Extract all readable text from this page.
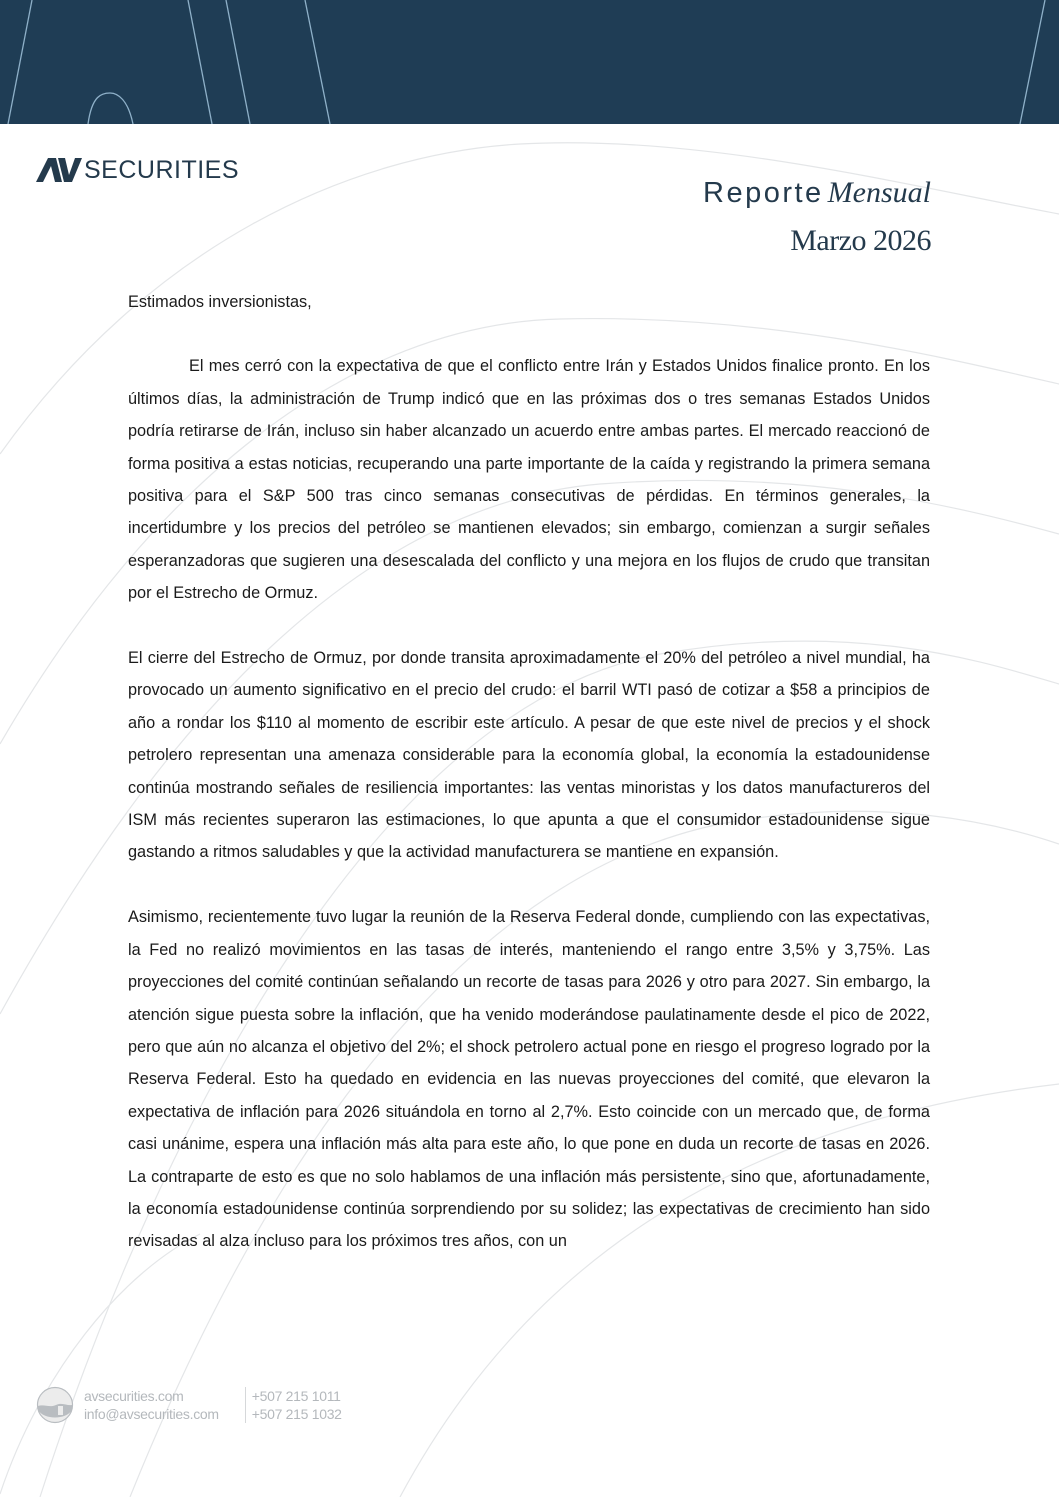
SECURITIES
Reporte Mensual
Marzo 2026

Estimados inversionistas,

El mes cerró con la expectativa de que el conflicto entre Irán y Estados Unidos finalice pronto. En los últimos días, la administración de Trump indicó que en las próximas dos o tres semanas Estados Unidos podría retirarse de Irán, incluso sin haber alcanzado un acuerdo entre ambas partes. El mercado reaccionó de forma positiva a estas noticias, recuperando una parte importante de la caída y registrando la primera semana positiva para el S&P 500 tras cinco semanas consecutivas de pérdidas. En términos generales, la incertidumbre y los precios del petróleo se mantienen elevados; sin embargo, comienzan a surgir señales esperanzadoras que sugieren una desescalada del conflicto y una mejora en los flujos de crudo que transitan por el Estrecho de Ormuz.

El cierre del Estrecho de Ormuz, por donde transita aproximadamente el 20% del petróleo a nivel mundial, ha provocado un aumento significativo en el precio del crudo: el barril WTI pasó de cotizar a $58 a principios de año a rondar los $110 al momento de escribir este artículo. A pesar de que este nivel de precios y el shock petrolero representan una amenaza considerable para la economía global, la economía la estadounidense continúa mostrando señales de resiliencia importantes: las ventas minoristas y los datos manufactureros del ISM más recientes superaron las estimaciones, lo que apunta a que el consumidor estadounidense sigue gastando a ritmos saludables y que la actividad manufacturera se mantiene en expansión.

Asimismo, recientemente tuvo lugar la reunión de la Reserva Federal donde, cumpliendo con las expectativas, la Fed no realizó movimientos en las tasas de interés, manteniendo el rango entre 3,5% y 3,75%. Las proyecciones del comité continúan señalando un recorte de tasas para 2026 y otro para 2027. Sin embargo, la atención sigue puesta sobre la inflación, que ha venido moderándose paulatinamente desde el pico de 2022, pero que aún no alcanza el objetivo del 2%; el shock petrolero actual pone en riesgo el progreso logrado por la Reserva Federal. Esto ha quedado en evidencia en las nuevas proyecciones del comité, que elevaron la expectativa de inflación para 2026 situándola en torno al 2,7%. Esto coincide con un mercado que, de forma casi unánime, espera una inflación más alta para este año, lo que pone en duda un recorte de tasas en 2026. La contraparte de esto es que no solo hablamos de una inflación más persistente, sino que, afortunadamente, la economía estadounidense continúa sorprendiendo por su solidez; las expectativas de crecimiento han sido revisadas al alza incluso para los próximos tres años, con un

avsecurities.com
info@avsecurities.com
+507 215 1011
+507 215 1032
